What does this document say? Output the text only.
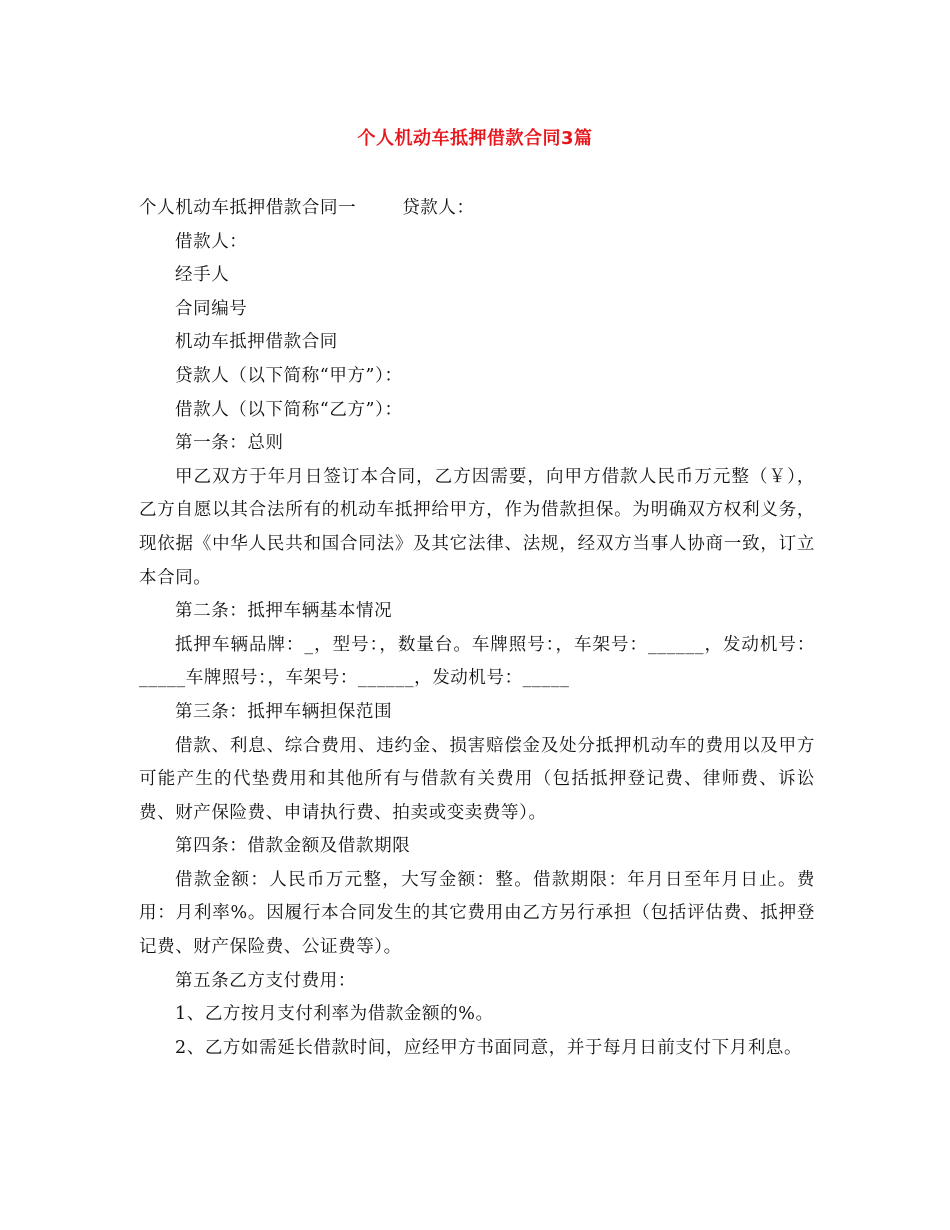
个人机动车抵押借款合同3篇
个人机动车抵押借款合同一	贷款人：
借款人：
经手人
合同编号
机动车抵押借款合同
贷款人（以下简称“甲方”）：
借款人（以下简称“乙方”）：
第一条：总则
甲乙双方于年月日签订本合同，乙方因需要，向甲方借款人民币万元整（￥），乙方自愿以其合法所有的机动车抵押给甲方，作为借款担保。为明确双方权利义务，现依据《中华人民共和国合同法》及其它法律、法规，经双方当事人协商一致，订立本合同。
第二条：抵押车辆基本情况
抵押车辆品牌：_，型号：，数量台。车牌照号：，车架号：______，发动机号：_____车牌照号：，车架号：______，发动机号：_____
第三条：抵押车辆担保范围
借款、利息、综合费用、违约金、损害赔偿金及处分抵押机动车的费用以及甲方可能产生的代垫费用和其他所有与借款有关费用（包括抵押登记费、律师费、诉讼费、财产保险费、申请执行费、拍卖或变卖费等）。
第四条：借款金额及借款期限
借款金额：人民币万元整，大写金额：整。借款期限：年月日至年月日止。费用：月利率%。因履行本合同发生的其它费用由乙方另行承担（包括评估费、抵押登记费、财产保险费、公证费等）。
第五条乙方支付费用：
1、乙方按月支付利率为借款金额的%。
2、乙方如需延长借款时间，应经甲方书面同意，并于每月日前支付下月利息。
